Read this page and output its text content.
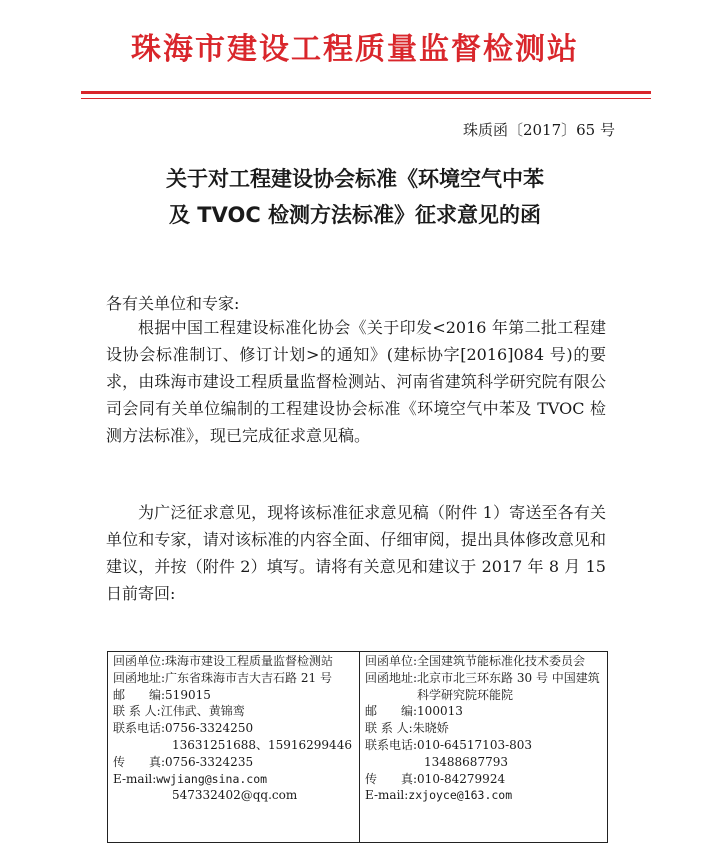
珠海市建设工程质量监督检测站
珠质函〔2017〕65 号
关于对工程建设协会标准《环境空气中苯
及 TVOC 检测方法标准》征求意见的函
各有关单位和专家:

根据中国工程建设标准化协会《关于印发<2016 年第二批工程建设协会标准制订、修订计划>的通知》(建标协字[2016]084 号)的要求，由珠海市建设工程质量监督检测站、河南省建筑科学研究院有限公司会同有关单位编制的工程建设协会标准《环境空气中苯及 TVOC 检测方法标准》，现已完成征求意见稿。

为广泛征求意见，现将该标准征求意见稿（附件 1）寄送至各有关单位和专家，请对该标准的内容全面、仔细审阅，提出具体修改意见和建议，并按（附件 2）填写。请将有关意见和建议于 2017 年 8 月 15 日前寄回:

回函单位: 珠海市建设工程质量监督检测站
回函地址: 广东省珠海市吉大吉石路 21 号
邮　　编: 519015
联 系 人: 江伟武、黄锦鸾
联系电话: 0756-3324250
13631251688、15916299446
传　　真: 0756-3324235
E-mail: wwjiang@sina.com
547332402@qq.com
回函单位: 全国建筑节能标准化技术委员会
回函地址: 北京市北三环东路 30 号 中国建筑科学研究院环能院
邮　　编: 100013
联 系 人: 朱晓娇
联系电话: 010-64517103-803
13488687793
传　　真: 010-84279924
E-mail: zxjoyce@163.com
